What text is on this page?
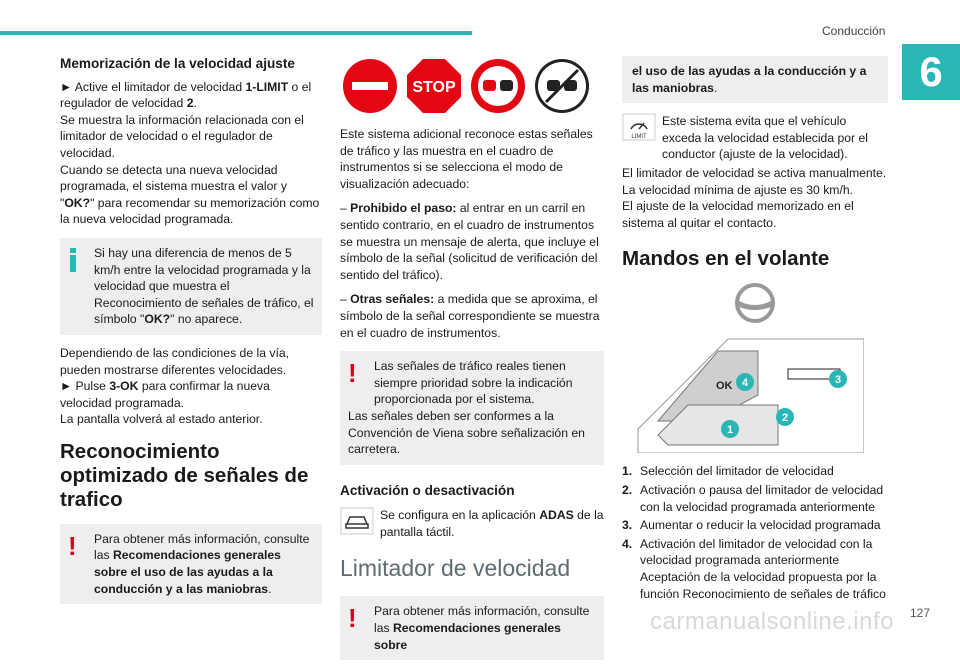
Conducción
6
Memorización de la velocidad ajuste

► Active el limitador de velocidad 1-LIMIT o el regulador de velocidad 2.
Se muestra la información relacionada con el limitador de velocidad o el regulador de velocidad.
Cuando se detecta una nueva velocidad programada, el sistema muestra el valor y "OK?" para recomendar su memorización como la nueva velocidad programada.

Si hay una diferencia de menos de 5 km/h entre la velocidad programada y la velocidad que muestra el Reconocimiento de señales de tráfico, el símbolo "OK?" no aparece.

Dependiendo de las condiciones de la vía, pueden mostrarse diferentes velocidades.
► Pulse 3-OK para confirmar la nueva velocidad programada.
La pantalla volverá al estado anterior.

Reconocimiento optimizado de señales de trafico
!	Para obtener más información, consulte las Recomendaciones generales sobre el uso de las ayudas a la conducción y a las maniobras.
STOP

Este sistema adicional reconoce estas señales de tráfico y las muestra en el cuadro de instrumentos si se selecciona el modo de visualización adecuado:

– Prohibido el paso: al entrar en un carril en sentido contrario, en el cuadro de instrumentos se muestra un mensaje de alerta, que incluye el símbolo de la señal (solicitud de verificación del sentido del tráfico).

– Otras señales: a medida que se aproxima, el símbolo de la señal correspondiente se muestra en el cuadro de instrumentos.

!	Las señales de tráfico reales tienen siempre prioridad sobre la indicación proporcionada por el sistema.
Las señales deben ser conformes a la Convención de Viena sobre señalización en carretera.
Activación o desactivación
Se configura en la aplicación ADAS de la pantalla táctil.
Limitador de velocidad
!	Para obtener más información, consulte las Recomendaciones generales sobre
el uso de las ayudas a la conducción y a las maniobras.
LIMIT
Este sistema evita que el vehículo exceda la velocidad establecida por el conductor (ajuste de la velocidad).

El limitador de velocidad se activa manualmente.
La velocidad mínima de ajuste es 30 km/h.
El ajuste de la velocidad memorizado en el sistema al quitar el contacto.

Mandos en el volante
OK 4	3
1
2
1. Selección del limitador de velocidad
2. Activación o pausa del limitador de velocidad con la velocidad programada anteriormente
3. Aumentar o reducir la velocidad programada
4. Activación del limitador de velocidad con la velocidad programada anteriormente
Aceptación de la velocidad propuesta por la función Reconocimiento de señales de tráfico
carmanualsonline.info 127
